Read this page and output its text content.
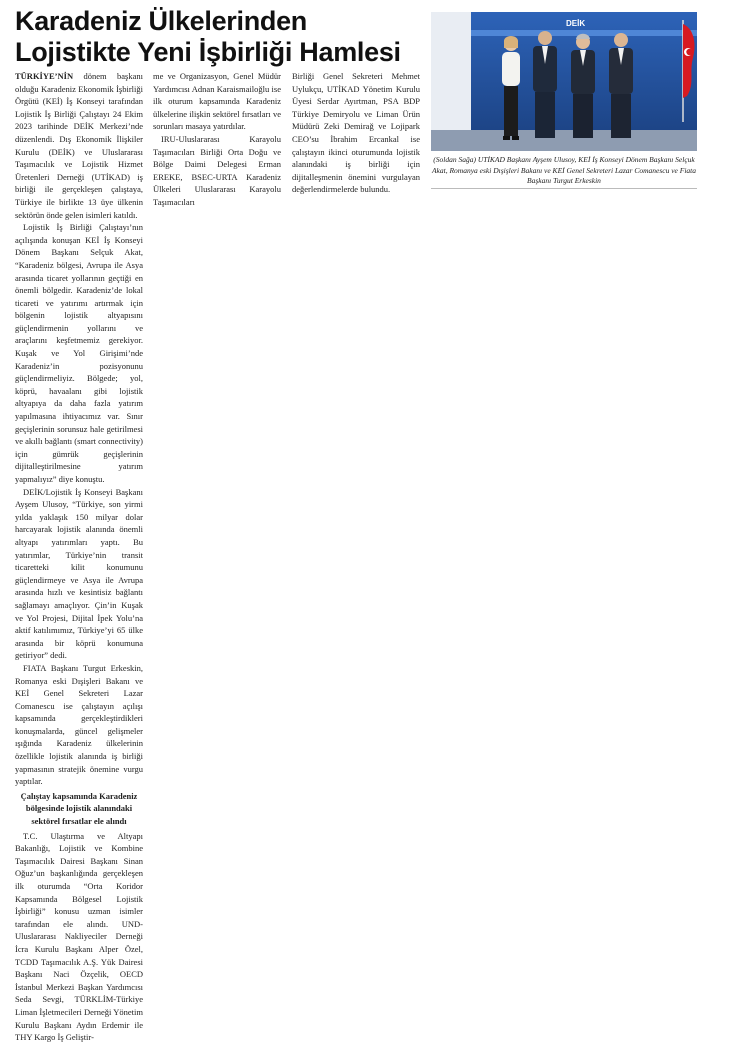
Karadeniz Ülkelerinden
Lojistikte Yeni İşbirliği Hamlesi

TÜRKİYE’NİN dönem başkanı olduğu Karadeniz Ekonomik İşbirliği Örgütü (KEİ) İş Konseyi tarafından Lojistik İş Birliği Çalıştayı 24 Ekim 2023 tarihinde DEİK Merkezi’nde düzenlendi. Dış Ekonomik İlişkiler Kurulu (DEİK) ve Uluslararası Taşımacılık ve Lojistik Hizmet Üretenleri Derneği (UTİKAD) iş birliği ile gerçekleşen çalıştaya, Türkiye ile birlikte 13 üye ülkenin sektörün önde gelen isimleri katıldı.

Lojistik İş Birliği Çalıştayı’nın açılışında konuşan KEİ İş Konseyi Dönem Başkanı Selçuk Akat, “Karadeniz bölgesi, Avrupa ile Asya arasında ticaret yollarının geçtiği en önemli bölgedir. Karadeniz’de lokal ticareti ve yatırımı artırmak için bölgenin lojistik altyapısını güçlendirmenin yollarını ve araçlarını keşfetmemiz gerekiyor. Kuşak ve Yol Girişimi’nde Karadeniz’in pozisyonunu güçlendirmeliyiz. Bölgede; yol, köprü, havaalanı gibi lojistik altyapıya da daha fazla yatırım yapılmasına ihtiyacımız var. Sınır geçişlerinin sorunsuz hale getirilmesi ve akıllı bağlantı (smart connectivity) için gümrük geçişlerinin dijitalleştirilmesine yatırım yapmalıyız” diye konuştu.

DEİK/Lojistik İş Konseyi Başkanı Ayşem Ulusoy, “Türkiye, son yirmi yılda yaklaşık 150 milyar dolar harcayarak lojistik alanında önemli altyapı yatırımları yaptı. Bu yatırımlar, Türkiye’nin transit ticaretteki kilit konumunu güçlendirmeye ve Asya ile Avrupa arasında hızlı ve kesintisiz bağlantı sağlamayı amaçlıyor. Çin’in Kuşak ve Yol Projesi, Dijital İpek Yolu’na aktif katılımımız, Türkiye’yi 65 ülke arasında bir köprü konumuna getiriyor” dedi.

FIATA Başkanı Turgut Erkeskin, Romanya eski Dışişleri Bakanı ve KEİ Genel Sekreteri Lazar Comanescu ise çalıştayın açılışı kapsamında gerçekleştirdikleri konuşmalarda, güncel gelişmeler ışığında Karadeniz ülkelerinin özellikle lojistik alanında iş birliği yapmasının stratejik önemine vurgu yaptılar.

Çalıştay kapsamında Karadeniz bölgesinde lojistik alanındaki sektörel fırsatlar ele alındı

T.C. Ulaştırma ve Altyapı Bakanlığı, Lojistik ve Kombine Taşımacılık Dairesi Başkanı Sinan Oğuz’un başkanlığında gerçekleşen ilk oturumda “Orta Koridor Kapsamında Bölgesel Lojistik İşbirliği” konusu uzman isimler tarafından ele alındı. UND-Uluslararası Nakliyeciler Derneği İcra Kurulu Başkanı Alper Özel, TCDD Taşımacılık A.Ş. Yük Dairesi Başkanı Naci Özçelik, OECD İstanbul Merkezi Başkan Yardımcısı Seda Sevgi, TÜRKLİM-Türkiye Liman İşletmecileri Derneği Yönetim Kurulu Başkanı Aydın Erdemir ile THY Kargo İş Geliştir-

me ve Organizasyon, Genel Müdür Yardımcısı Adnan Karaismailoğlu ise ilk oturum kapsamında Karadeniz ülkelerine ilişkin sektörel fırsatları ve sorunları masaya yatırdılar.

IRU-Uluslararası Karayolu Taşımacıları Birliği Orta Doğu ve Bölge Daimi Delegesi Erman EREKE, BSEC-URTA Karadeniz Ülkeleri Uluslararası Karayolu Taşımacıları

Birliği Genel Sekreteri Mehmet Uylukçu, UTİKAD Yönetim Kurulu Üyesi Serdar Ayırtman, PSA BDP Türkiye Demiryolu ve Liman Ürün Müdürü Zeki Demirağ ve Lojipark CEO’su İbrahim Ercankal ise çalıştayın ikinci oturumunda lojistik alanındaki iş birliği için dijitalleşmenin önemini vurgulayan değerlendirmelerde bulundu.

DEİK

(Soldan Sağa) UTİKAD Başkanı Ayşem Ulusoy, KEİ İş Konseyi Dönem Başkanı Selçuk Akat, Romanya eski Dışişleri Bakanı ve KEİ Genel Sekreteri Lazar Comanescu ve Fiata Başkanı Turgut Erkeskin
